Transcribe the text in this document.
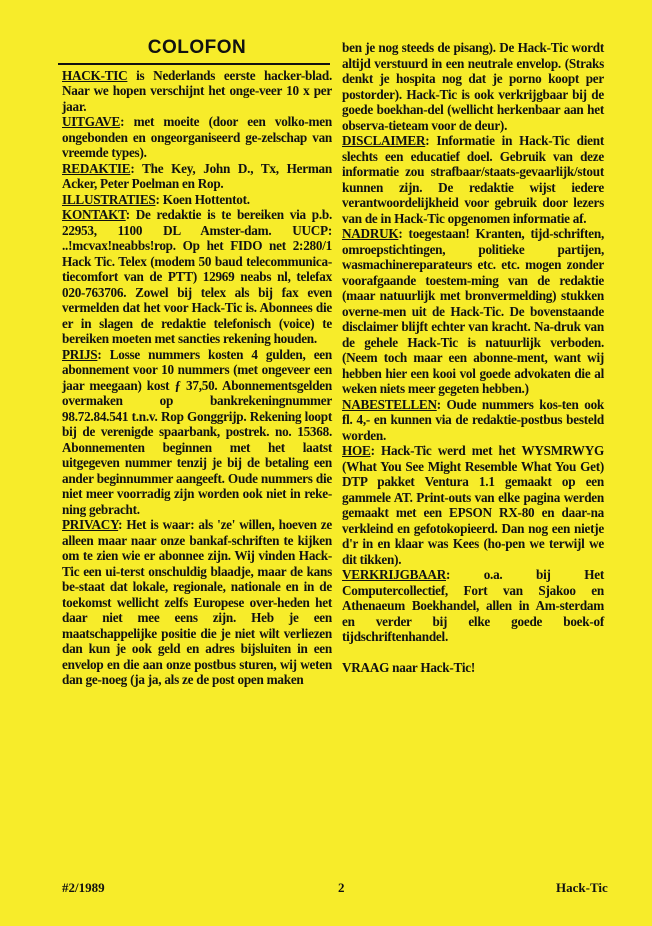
COLOFON

HACK-TIC is Nederlands eerste hacker-blad. Naar we hopen verschijnt het onge-veer 10 x per jaar.

UITGAVE: met moeite (door een volko-men ongebonden en ongeorganiseerd ge-zelschap van vreemde types).

REDAKTIE: The Key, John D., Tx, Herman Acker, Peter Poelman en Rop.

ILLUSTRATIES: Koen Hottentot.

KONTAKT: De redaktie is te bereiken via p.b. 22953, 1100 DL Amster-dam. UUCP: ..!mcvax!neabbs!rop. Op het FIDO net 2:280/1 Hack Tic. Telex (modem 50 baud telecommunica-tiecomfort van de PTT) 12969 neabs nl, telefax 020-763706. Zowel bij telex als bij fax even vermelden dat het voor Hack-Tic is. Abonnees die er in slagen de redaktie telefonisch (voice) te bereiken moeten met sancties rekening houden.

PRIJS: Losse nummers kosten 4 gulden, een abonnement voor 10 nummers (met ongeveer een jaar meegaan) kost ƒ 37,50. Abonnementsgelden overmaken op bankrekeningnummer 98.72.84.541 t.n.v. Rop Gonggrijp. Rekening loopt bij de verenigde spaarbank, postrek. no. 15368. Abonnementen beginnen met het laatst uitgegeven nummer tenzij je bij de betaling een ander beginnummer aangeeft. Oude nummers die niet meer voorradig zijn worden ook niet in reke-ning gebracht.

PRIVACY: Het is waar: als 'ze' willen, hoeven ze alleen maar naar onze bankaf-schriften te kijken om te zien wie er abonnee zijn. Wij vinden Hack-Tic een ui-terst onschuldig blaadje, maar de kans be-staat dat lokale, regionale, nationale en in de toekomst wellicht zelfs Europese over-heden het daar niet mee eens zijn. Heb je een maatschappelijke positie die je niet wilt verliezen dan kun je ook geld en adres bijsluiten in een envelop en die aan onze postbus sturen, wij weten dan ge-noeg (ja ja, als ze de post open maken

ben je nog steeds de pisang). De Hack-Tic wordt altijd verstuurd in een neutrale envelop. (Straks denkt je hospita nog dat je porno koopt per postorder). Hack-Tic is ook verkrijgbaar bij de goede boekhan-del (wellicht herkenbaar aan het observa-tieteam voor de deur).

DISCLAIMER: Informatie in Hack-Tic dient slechts een educatief doel. Gebruik van deze informatie zou strafbaar/staats-gevaarlijk/stout kunnen zijn. De redaktie wijst iedere verantwoordelijkheid voor gebruik door lezers van de in Hack-Tic opgenomen informatie af.

NADRUK: toegestaan! Kranten, tijd-schriften, omroepstichtingen, politieke partijen, wasmachinereparateurs etc. etc. mogen zonder voorafgaande toestem-ming van de redaktie (maar natuurlijk met bronvermelding) stukken overne-men uit de Hack-Tic. De bovenstaande disclaimer blijft echter van kracht. Na-druk van de gehele Hack-Tic is natuurlijk verboden. (Neem toch maar een abonne-ment, want wij hebben hier een kooi vol goede advokaten die al weken niets meer gegeten hebben.)

NABESTELLEN: Oude nummers kos-ten ook fl. 4,- en kunnen via de redaktie-postbus besteld worden.

HOE: Hack-Tic werd met het WYSMRWYG (What You See Might Resemble What You Get) DTP pakket Ventura 1.1 gemaakt op een gammele AT. Print-outs van elke pagina werden gemaakt met een EPSON RX-80 en daar-na verkleind en gefotokopieerd. Dan nog een nietje d'r in en klaar was Kees (ho-pen we terwijl we dit tikken).

VERKRIJGBAAR: o.a. bij Het Computercollectief, Fort van Sjakoo en Athenaeum Boekhandel, allen in Am-sterdam en verder bij elke goede boek-of tijdschriftenhandel.

VRAAG naar Hack-Tic!

#2/1989	2	Hack-Tic
